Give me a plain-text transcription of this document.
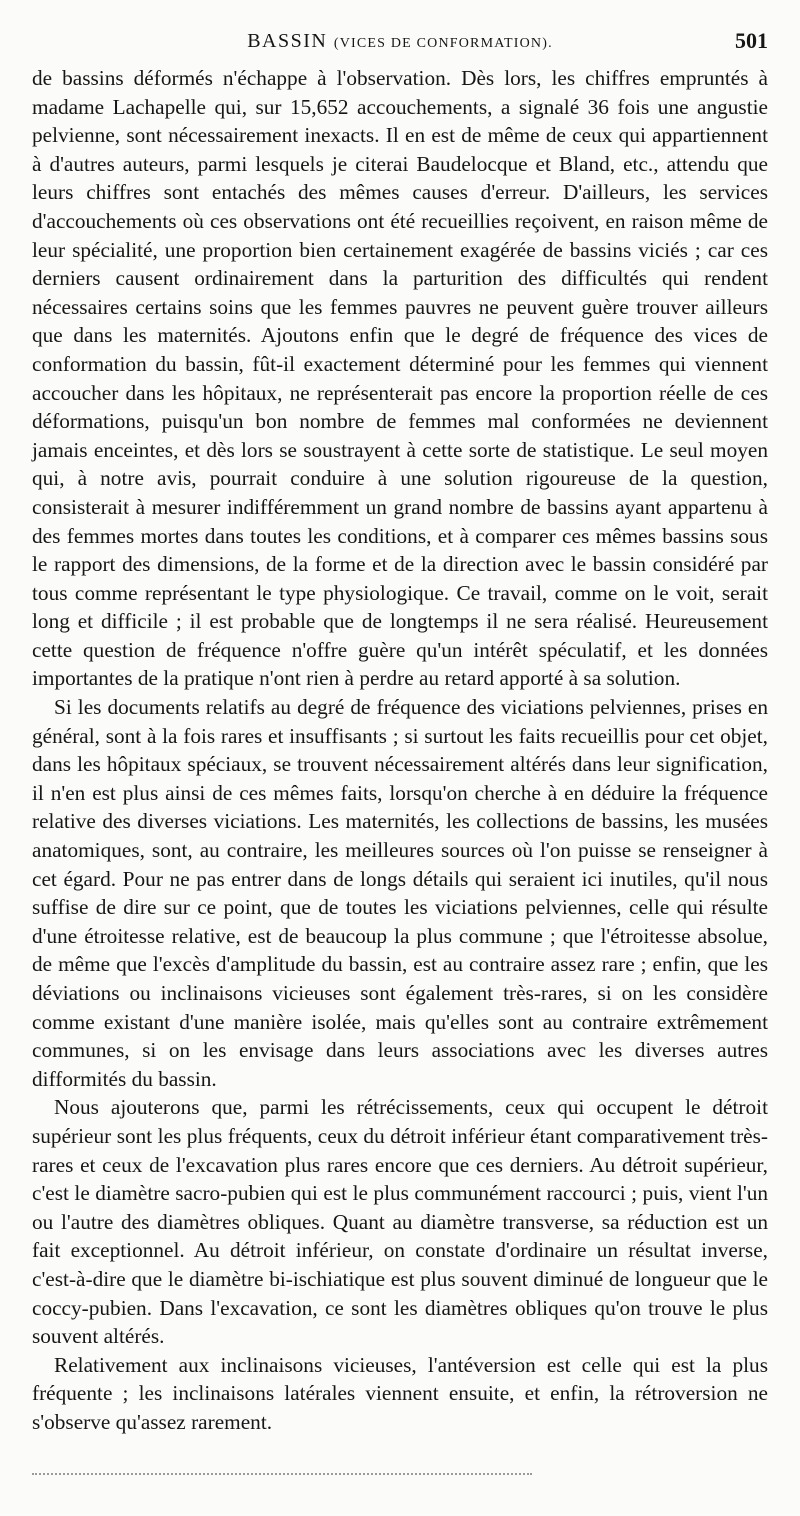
BASSIN (VICES DE CONFORMATION).	501

de bassins déformés n'échappe à l'observation. Dès lors, les chiffres empruntés à madame Lachapelle qui, sur 15,652 accouchements, a signalé 36 fois une angustie pelvienne, sont nécessairement inexacts. Il en est de même de ceux qui appartiennent à d'autres auteurs, parmi lesquels je citerai Baudelocque et Bland, etc., attendu que leurs chiffres sont entachés des mêmes causes d'erreur. D'ailleurs, les services d'accouchements où ces observations ont été recueillies reçoivent, en raison même de leur spécialité, une proportion bien certainement exagérée de bassins viciés ; car ces derniers causent ordinairement dans la parturition des difficultés qui rendent nécessaires certains soins que les femmes pauvres ne peuvent guère trouver ailleurs que dans les maternités. Ajoutons enfin que le degré de fréquence des vices de conformation du bassin, fût-il exactement déterminé pour les femmes qui viennent accoucher dans les hôpitaux, ne représenterait pas encore la proportion réelle de ces déformations, puisqu'un bon nombre de femmes mal conformées ne deviennent jamais enceintes, et dès lors se soustrayent à cette sorte de statistique. Le seul moyen qui, à notre avis, pourrait conduire à une solution rigoureuse de la question, consisterait à mesurer indifféremment un grand nombre de bassins ayant appartenu à des femmes mortes dans toutes les conditions, et à comparer ces mêmes bassins sous le rapport des dimensions, de la forme et de la direction avec le bassin considéré par tous comme représentant le type physiologique. Ce travail, comme on le voit, serait long et difficile ; il est probable que de longtemps il ne sera réalisé. Heureusement cette question de fréquence n'offre guère qu'un intérêt spéculatif, et les données importantes de la pratique n'ont rien à perdre au retard apporté à sa solution.

Si les documents relatifs au degré de fréquence des viciations pelviennes, prises en général, sont à la fois rares et insuffisants ; si surtout les faits recueillis pour cet objet, dans les hôpitaux spéciaux, se trouvent nécessairement altérés dans leur signification, il n'en est plus ainsi de ces mêmes faits, lorsqu'on cherche à en déduire la fréquence relative des diverses viciations. Les maternités, les collections de bassins, les musées anatomiques, sont, au contraire, les meilleures sources où l'on puisse se renseigner à cet égard. Pour ne pas entrer dans de longs détails qui seraient ici inutiles, qu'il nous suffise de dire sur ce point, que de toutes les viciations pelviennes, celle qui résulte d'une étroitesse relative, est de beaucoup la plus commune ; que l'étroitesse absolue, de même que l'excès d'amplitude du bassin, est au contraire assez rare ; enfin, que les déviations ou inclinaisons vicieuses sont également très-rares, si on les considère comme existant d'une manière isolée, mais qu'elles sont au contraire extrêmement communes, si on les envisage dans leurs associations avec les diverses autres difformités du bassin.

Nous ajouterons que, parmi les rétrécissements, ceux qui occupent le détroit supérieur sont les plus fréquents, ceux du détroit inférieur étant comparativement très-rares et ceux de l'excavation plus rares encore que ces derniers. Au détroit supérieur, c'est le diamètre sacro-pubien qui est le plus communément raccourci ; puis, vient l'un ou l'autre des diamètres obliques. Quant au diamètre transverse, sa réduction est un fait exceptionnel. Au détroit inférieur, on constate d'ordinaire un résultat inverse, c'est-à-dire que le diamètre bi-ischiatique est plus souvent diminué de longueur que le coccy-pubien. Dans l'excavation, ce sont les diamètres obliques qu'on trouve le plus souvent altérés.

Relativement aux inclinaisons vicieuses, l'antéversion est celle qui est la plus fréquente ; les inclinaisons latérales viennent ensuite, et enfin, la rétroversion ne s'observe qu'assez rarement.
